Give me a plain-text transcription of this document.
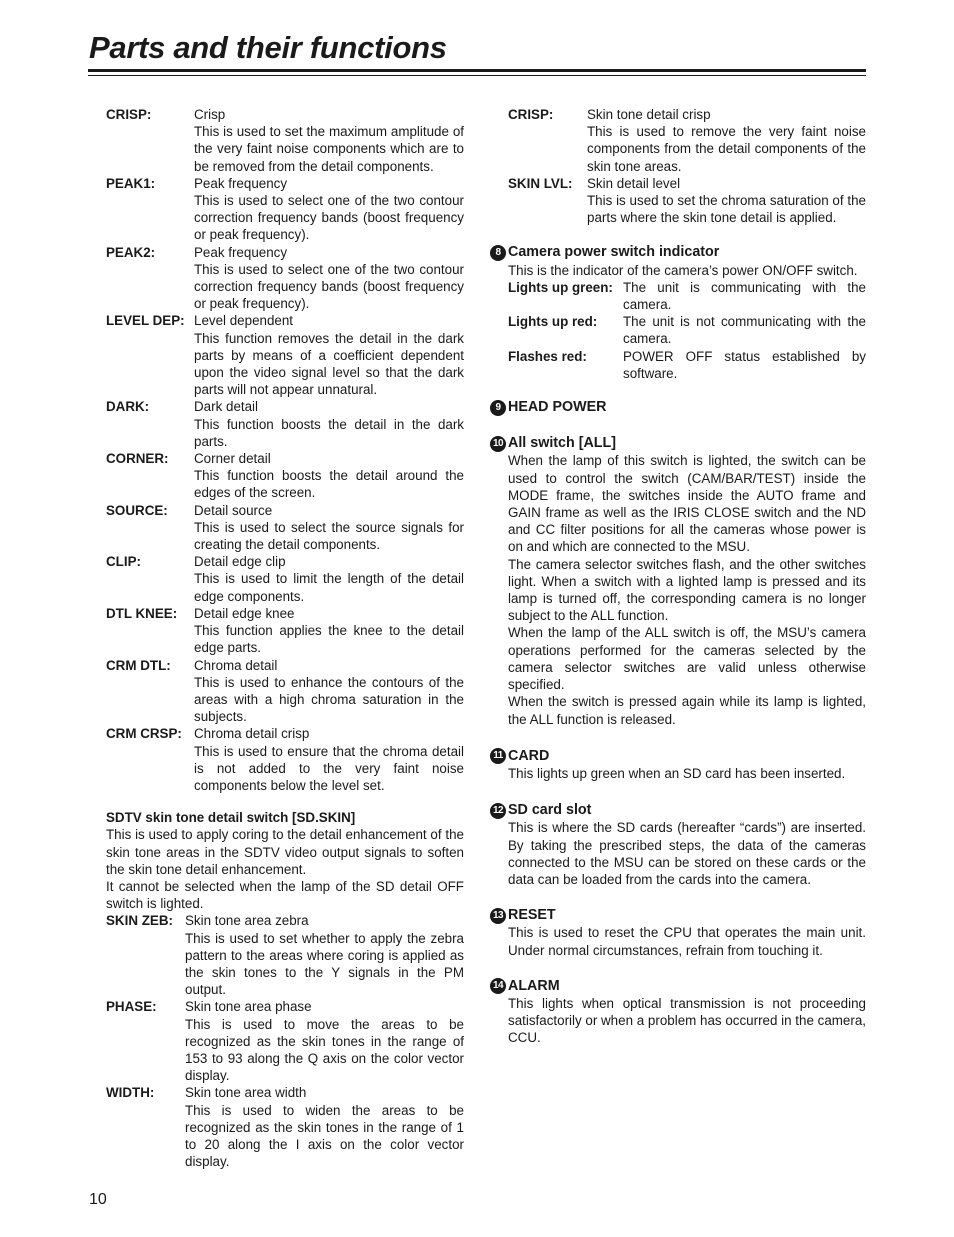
Parts and their functions
CRISP:	Crisp
This is used to set the maximum amplitude of the very faint noise components which are to be removed from the detail components.
PEAK1:	Peak frequency
This is used to select one of the two contour correction frequency bands (boost frequency or peak frequency).
PEAK2:	Peak frequency
This is used to select one of the two contour correction frequency bands (boost frequency or peak frequency).
LEVEL DEP: Level dependent
This function removes the detail in the dark parts by means of a coefficient dependent upon the video signal level so that the dark parts will not appear unnatural.
DARK:	Dark detail
This function boosts the detail in the dark parts.
CORNER:	Corner detail
This function boosts the detail around the edges of the screen.
SOURCE:	Detail source
This is used to select the source signals for creating the detail components.
CLIP:	Detail edge clip
This is used to limit the length of the detail edge components.
DTL KNEE:	Detail edge knee
This function applies the knee to the detail edge parts.
CRM DTL:	Chroma detail
This is used to enhance the contours of the areas with a high chroma saturation in the subjects.
CRM CRSP: Chroma detail crisp
This is used to ensure that the chroma detail is not added to the very faint noise components below the level set.
SDTV skin tone detail switch [SD.SKIN]
This is used to apply coring to the detail enhancement of the skin tone areas in the SDTV video output signals to soften the skin tone detail enhancement.
It cannot be selected when the lamp of the SD detail OFF switch is lighted.
SKIN ZEB: Skin tone area zebra
This is used to set whether to apply the zebra pattern to the areas where coring is applied as the skin tones to the Y signals in the PM output.
PHASE:	Skin tone area phase
This is used to move the areas to be recognized as the skin tones in the range of 153 to 93 along the Q axis on the color vector display.
WIDTH:	Skin tone area width
This is used to widen the areas to be recognized as the skin tones in the range of 1 to 20 along the I axis on the color vector display.
CRISP:	Skin tone detail crisp
This is used to remove the very faint noise components from the detail components of the skin tone areas.
SKIN LVL:	Skin detail level
This is used to set the chroma saturation of the parts where the skin tone detail is applied.
8 Camera power switch indicator
This is the indicator of the camera’s power ON/OFF switch.
Lights up green: The unit is communicating with the camera.
Lights up red:	The unit is not communicating with the camera.
Flashes red:	POWER OFF status established by software.
9 HEAD POWER
10 All switch [ALL]
When the lamp of this switch is lighted, the switch can be used to control the switch (CAM/BAR/TEST) inside the MODE frame, the switches inside the AUTO frame and GAIN frame as well as the IRIS CLOSE switch and the ND and CC filter positions for all the cameras whose power is on and which are connected to the MSU.
The camera selector switches flash, and the other switches light. When a switch with a lighted lamp is pressed and its lamp is turned off, the corresponding camera is no longer subject to the ALL function.
When the lamp of the ALL switch is off, the MSU’s camera operations performed for the cameras selected by the camera selector switches are valid unless otherwise specified.
When the switch is pressed again while its lamp is lighted, the ALL function is released.
11 CARD
This lights up green when an SD card has been inserted.
12 SD card slot
This is where the SD cards (hereafter “cards”) are inserted. By taking the prescribed steps, the data of the cameras connected to the MSU can be stored on these cards or the data can be loaded from the cards into the camera.
13 RESET
This is used to reset the CPU that operates the main unit. Under normal circumstances, refrain from touching it.
14 ALARM
This lights when optical transmission is not proceeding satisfactorily or when a problem has occurred in the camera, CCU.
10
